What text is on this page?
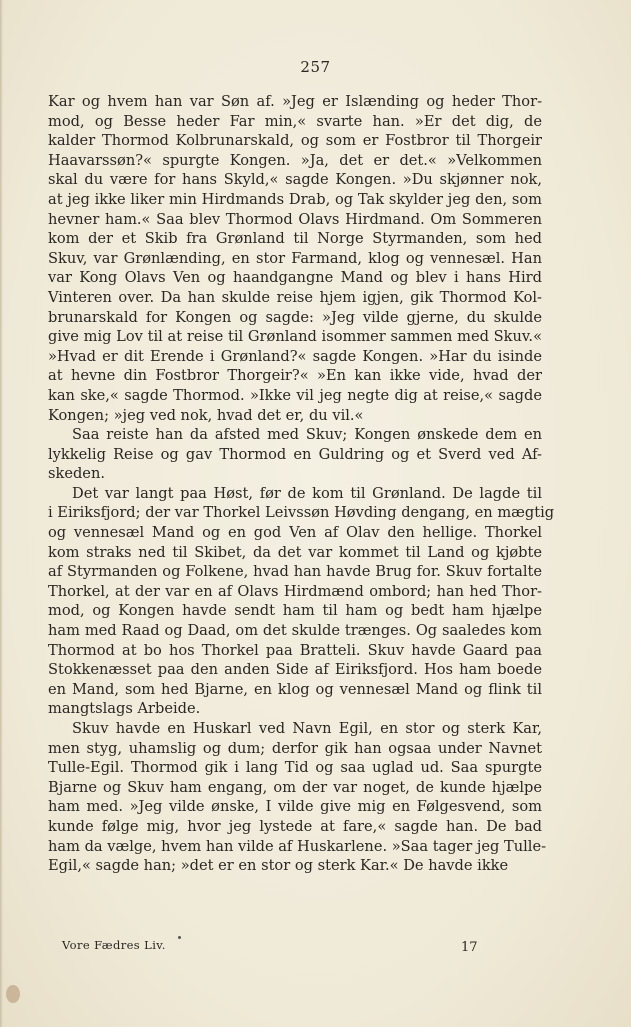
257

Kar og hvem han var Søn af. »Jeg er Islænding og heder Thor-
mod, og Besse heder Far min,« svarte han. »Er det dig, de
kalder Thormod Kolbrunarskald, og som er Fostbror til Thorgeir
Haavarssøn?« spurgte Kongen. »Ja, det er det.« »Velkommen
skal du være for hans Skyld,« sagde Kongen. »Du skjønner nok,
at jeg ikke liker min Hirdmands Drab, og Tak skylder jeg den, som
hevner ham.« Saa blev Thormod Olavs Hirdmand. Om Sommeren
kom der et Skib fra Grønland til Norge Styrmanden, som hed
Skuv, var Grønlænding, en stor Farmand, klog og vennesæl. Han
var Kong Olavs Ven og haandgangne Mand og blev i hans Hird
Vinteren over. Da han skulde reise hjem igjen, gik Thormod Kol-
brunarskald for Kongen og sagde: »Jeg vilde gjerne, du skulde
give mig Lov til at reise til Grønland isommer sammen med Skuv.«
»Hvad er dit Erende i Grønland?« sagde Kongen. »Har du isinde
at hevne din Fostbror Thorgeir?« »En kan ikke vide, hvad der
kan ske,« sagde Thormod. »Ikke vil jeg negte dig at reise,« sagde
Kongen; »jeg ved nok, hvad det er, du vil.«

Saa reiste han da afsted med Skuv; Kongen ønskede dem en
lykkelig Reise og gav Thormod en Guldring og et Sverd ved Af-
skeden.

Det var langt paa Høst, før de kom til Grønland. De lagde til
i Eiriksfjord; der var Thorkel Leivssøn Høvding dengang, en mægtig
og vennesæl Mand og en god Ven af Olav den hellige. Thorkel
kom straks ned til Skibet, da det var kommet til Land og kjøbte
af Styrmanden og Folkene, hvad han havde Brug for. Skuv fortalte
Thorkel, at der var en af Olavs Hirdmænd ombord; han hed Thor-
mod, og Kongen havde sendt ham til ham og bedt ham hjælpe
ham med Raad og Daad, om det skulde trænges. Og saaledes kom
Thormod at bo hos Thorkel paa Bratteli. Skuv havde Gaard paa
Stokkenæsset paa den anden Side af Eiriksfjord. Hos ham boede
en Mand, som hed Bjarne, en klog og vennesæl Mand og flink til
mangtslags Arbeide.

Skuv havde en Huskarl ved Navn Egil, en stor og sterk Kar,
men styg, uhamslig og dum; derfor gik han ogsaa under Navnet
Tulle-Egil. Thormod gik i lang Tid og saa uglad ud. Saa spurgte
Bjarne og Skuv ham engang, om der var noget, de kunde hjælpe
ham med. »Jeg vilde ønske, I vilde give mig en Følgesvend, som
kunde følge mig, hvor jeg lystede at fare,« sagde han. De bad
ham da vælge, hvem han vilde af Huskarlene. »Saa tager jeg Tulle-
Egil,« sagde han; »det er en stor og sterk Kar.« De havde ikke

Vore Fædres Liv.	17
